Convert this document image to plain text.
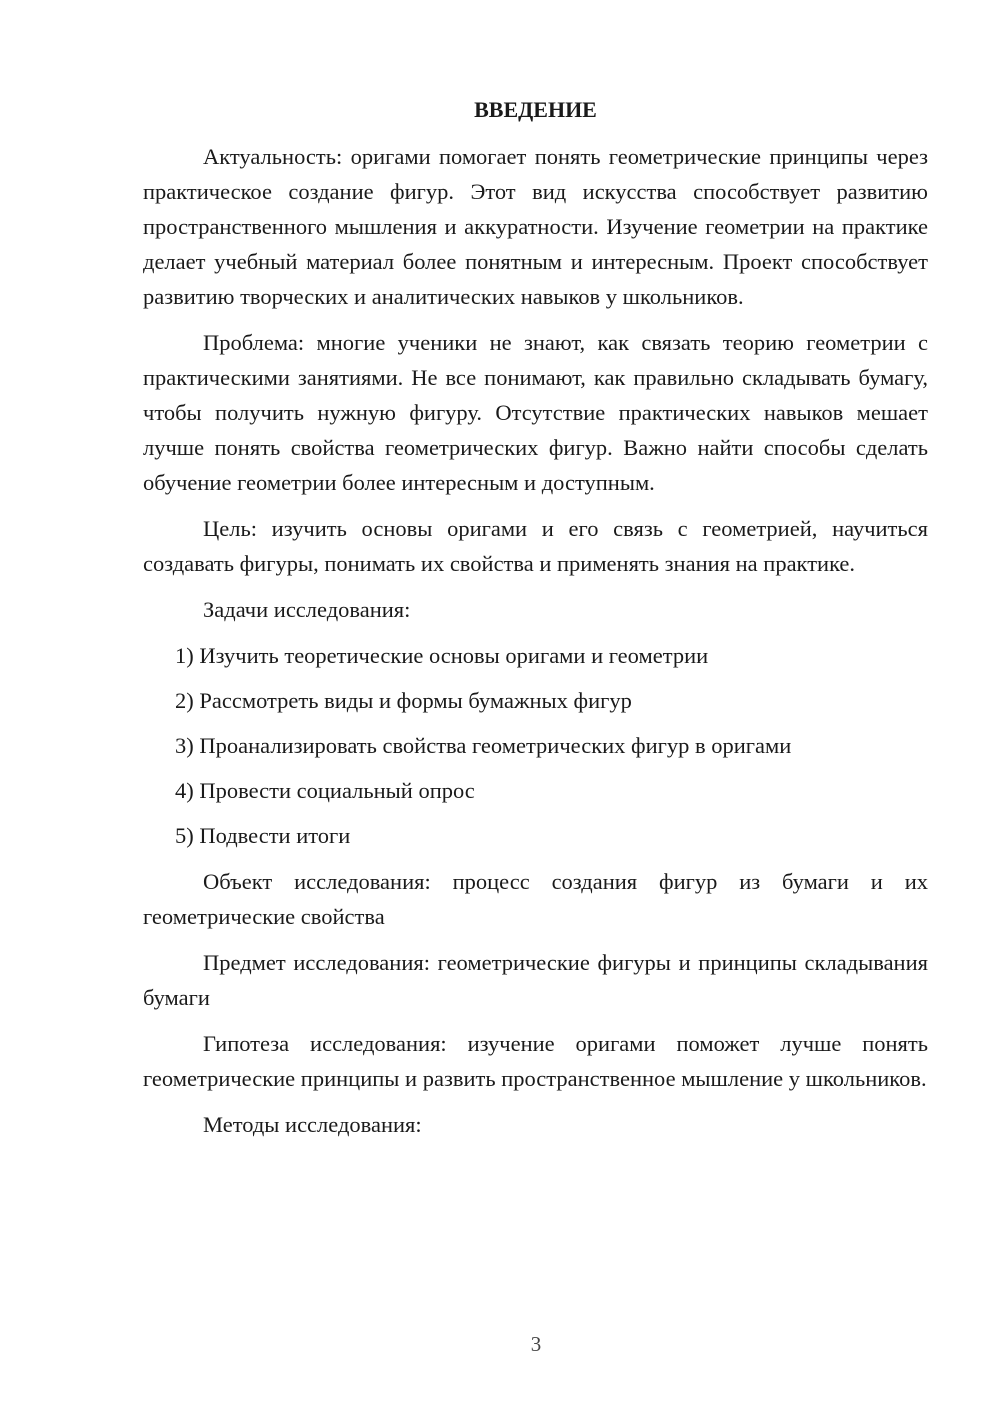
ВВЕДЕНИЕ

Актуальность: оригами помогает понять геометрические принципы через практическое создание фигур. Этот вид искусства способствует развитию пространственного мышления и аккуратности. Изучение геометрии на практике делает учебный материал более понятным и интересным. Проект способствует развитию творческих и аналитических навыков у школьников.

Проблема: многие ученики не знают, как связать теорию геометрии с практическими занятиями. Не все понимают, как правильно складывать бумагу, чтобы получить нужную фигуру. Отсутствие практических навыков мешает лучше понять свойства геометрических фигур. Важно найти способы сделать обучение геометрии более интересным и доступным.

Цель: изучить основы оригами и его связь с геометрией, научиться создавать фигуры, понимать их свойства и применять знания на практике.

Задачи исследования:

1) Изучить теоретические основы оригами и геометрии
2) Рассмотреть виды и формы бумажных фигур
3) Проанализировать свойства геометрических фигур в оригами
4) Провести социальный опрос
5) Подвести итоги

Объект исследования: процесс создания фигур из бумаги и их геометрические свойства

Предмет исследования: геометрические фигуры и принципы складывания бумаги

Гипотеза исследования: изучение оригами поможет лучше понять геометрические принципы и развить пространственное мышление у школьников.

Методы исследования:

3
